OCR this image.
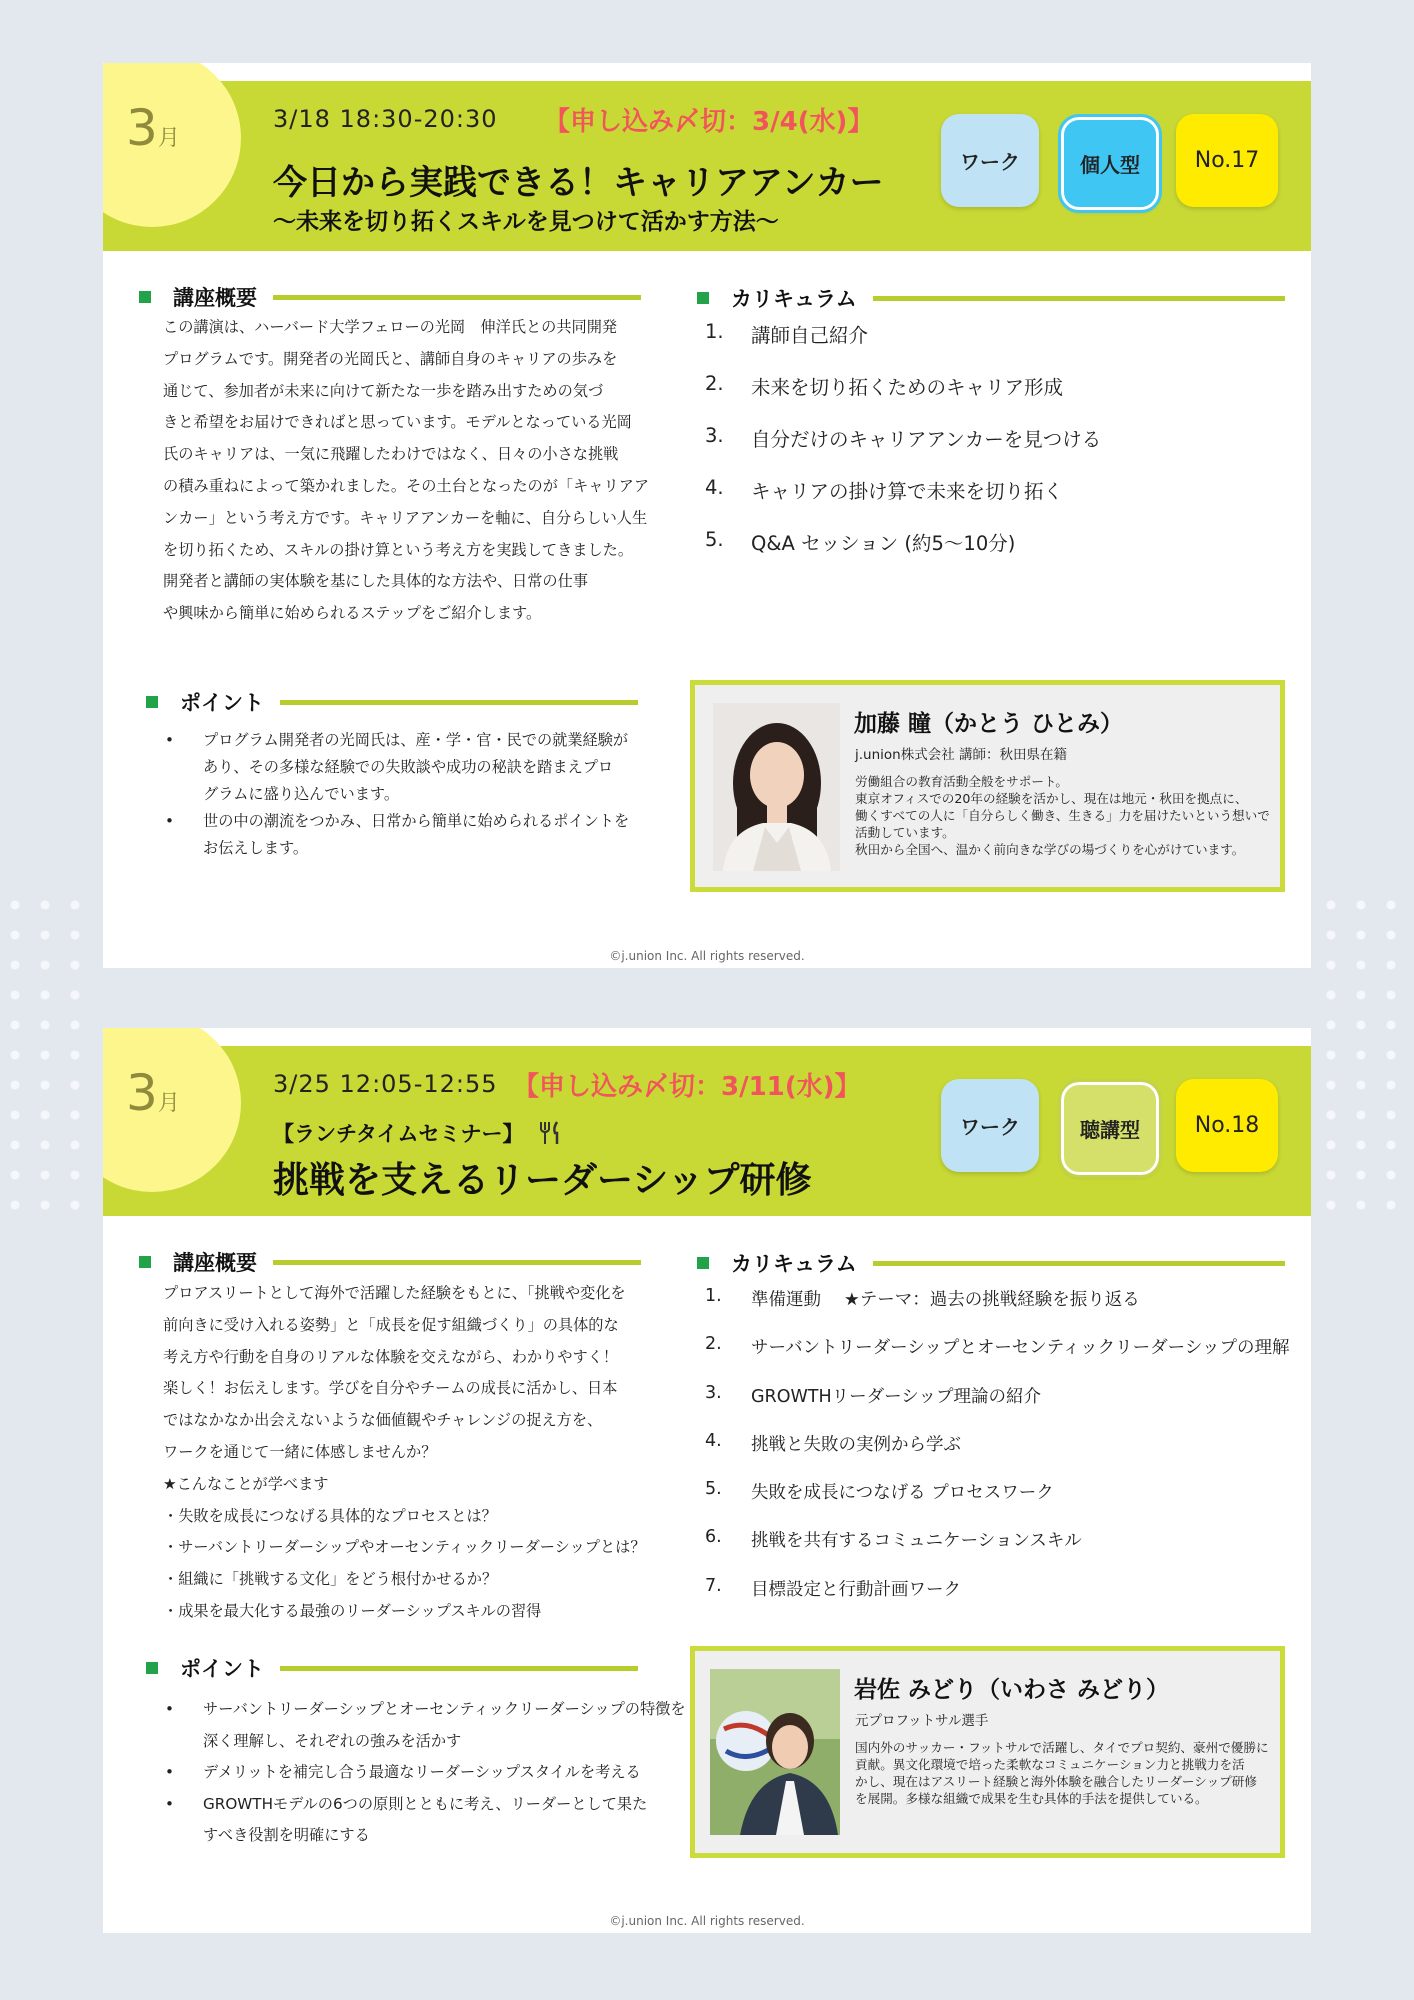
3月
3/18 18:30-20:30 【申し込み〆切：3/4(水)】
今日から実践できる！キャリアアンカー
～未来を切り拓くスキルを見つけて活かす方法～
ワーク	個人型	No.17
講座概要
この講演は、ハーバード大学フェローの光岡　伸洋氏との共同開発
プログラムです。開発者の光岡氏と、講師自身のキャリアの歩みを
通じて、参加者が未来に向けて新たな一歩を踏み出すための気づ
きと希望をお届けできればと思っています。モデルとなっている光岡
氏のキャリアは、一気に飛躍したわけではなく、日々の小さな挑戦
の積み重ねによって築かれました。その土台となったのが「キャリアア
ンカー」という考え方です。キャリアアンカーを軸に、自分らしい人生
を切り拓くため、スキルの掛け算という考え方を実践してきました。
開発者と講師の実体験を基にした具体的な方法や、日常の仕事
や興味から簡単に始められるステップをご紹介します。
カリキュラム
1.	講師自己紹介
2.	未来を切り拓くためのキャリア形成
3.	自分だけのキャリアアンカーを見つける
4.	キャリアの掛け算で未来を切り拓く
5.	Q&A セッション (約5～10分)
ポイント
•	プログラム開発者の光岡氏は、産・学・官・民での就業経験が
あり、その多様な経験での失敗談や成功の秘訣を踏まえプロ
グラムに盛り込んでいます。
•	世の中の潮流をつかみ、日常から簡単に始められるポイントを
お伝えします。
加藤 瞳（かとう ひとみ）
j.union株式会社 講師：秋田県在籍
労働組合の教育活動全般をサポート。
東京オフィスでの20年の経験を活かし、現在は地元・秋田を拠点に、
働くすべての人に「自分らしく働き、生きる」力を届けたいという想いで
活動しています。
秋田から全国へ、温かく前向きな学びの場づくりを心がけています。
©j.union Inc. All rights reserved.
3月
3/25 12:05-12:55 【申し込み〆切：3/11(水)】
【ランチタイムセミナー】
挑戦を支えるリーダーシップ研修
ワーク	聴講型	No.18
講座概要
プロアスリートとして海外で活躍した経験をもとに、「挑戦や変化を
前向きに受け入れる姿勢」と「成長を促す組織づくり」の具体的な
考え方や行動を自身のリアルな体験を交えながら、わかりやすく！
楽しく！お伝えします。学びを自分やチームの成長に活かし、日本
ではなかなか出会えないような価値観やチャレンジの捉え方を、
ワークを通じて一緒に体感しませんか？
★こんなことが学べます
・失敗を成長につなげる具体的なプロセスとは？
・サーバントリーダーシップやオーセンティックリーダーシップとは？
・組織に「挑戦する文化」をどう根付かせるか？
・成果を最大化する最強のリーダーシップスキルの習得
カリキュラム
1.	準備運動　 ★テーマ：過去の挑戦経験を振り返る
2.	サーバントリーダーシップとオーセンティックリーダーシップの理解
3.	GROWTHリーダーシップ理論の紹介
4.	挑戦と失敗の実例から学ぶ
5.	失敗を成長につなげる プロセスワーク
6.	挑戦を共有するコミュニケーションスキル
7.	目標設定と行動計画ワーク
ポイント
•	サーバントリーダーシップとオーセンティックリーダーシップの特徴を
深く理解し、それぞれの強みを活かす
•	デメリットを補完し合う最適なリーダーシップスタイルを考える
•	GROWTHモデルの6つの原則とともに考え、リーダーとして果た
すべき役割を明確にする
岩佐 みどり（いわさ みどり）
元プロフットサル選手
国内外のサッカー・フットサルで活躍し、タイでプロ契約、豪州で優勝に
貢献。異文化環境で培った柔軟なコミュニケーション力と挑戦力を活
かし、現在はアスリート経験と海外体験を融合したリーダーシップ研修
を展開。多様な組織で成果を生む具体的手法を提供している。
©j.union Inc. All rights reserved.
